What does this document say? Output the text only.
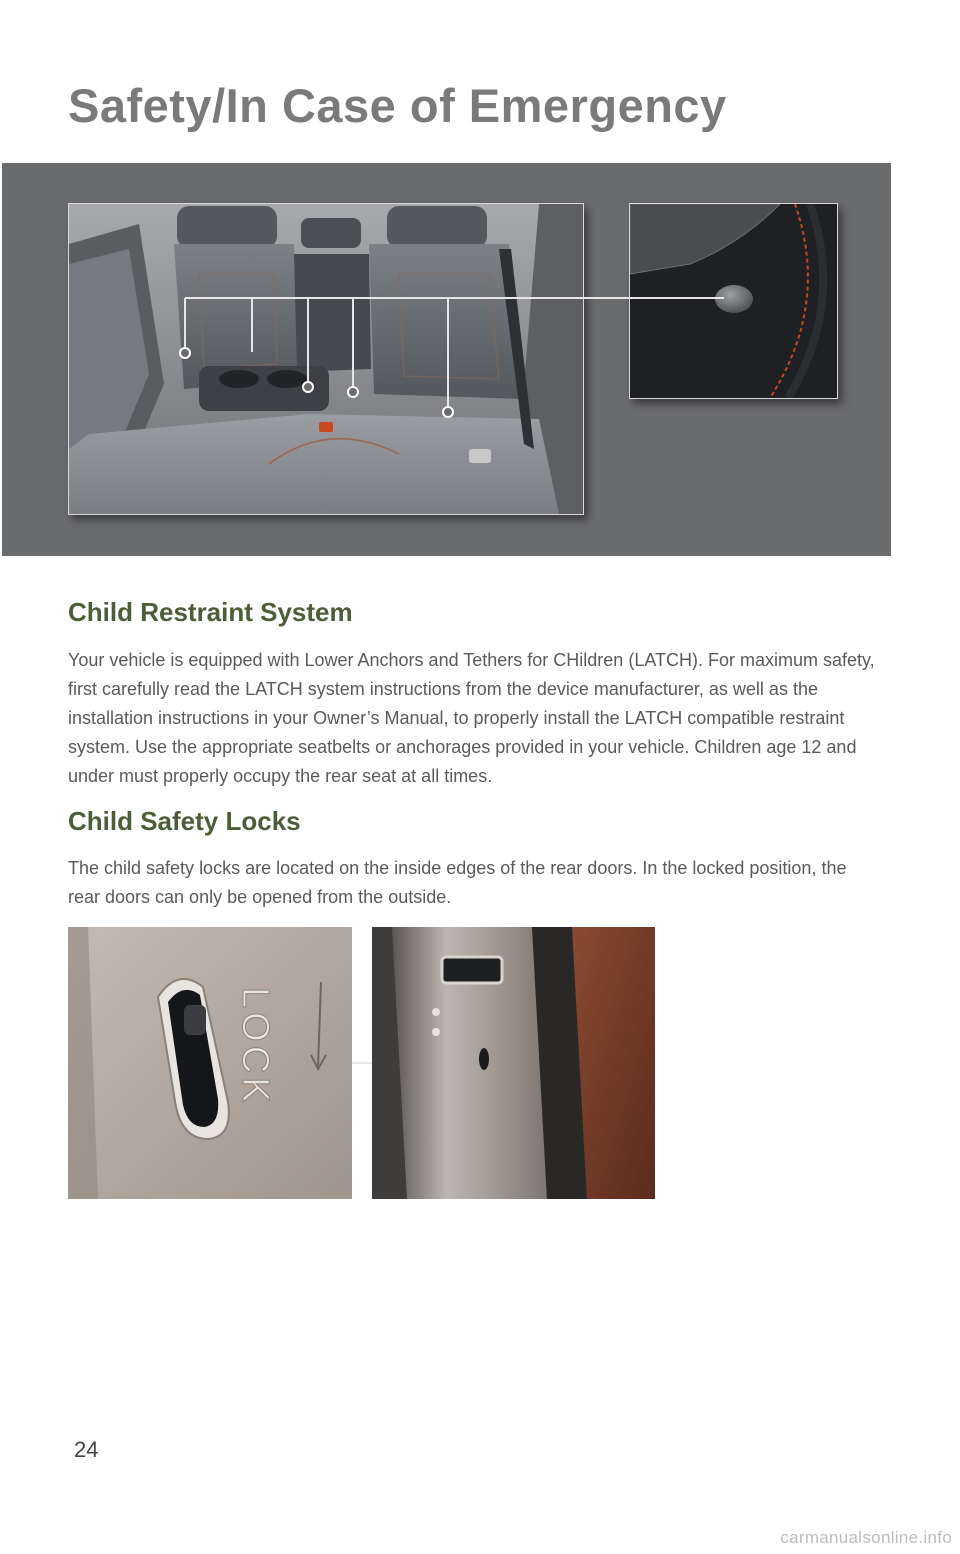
Safety/In Case of Emergency
Child Restraint System

Your vehicle is equipped with Lower Anchors and Tethers for CHildren (LATCH). For maximum safety, first carefully read the LATCH system instructions from the device manufacturer, as well as the installation instructions in your Owner’s Manual, to properly install the LATCH compatible restraint system. Use the appropriate seatbelts or anchorages provided in your vehicle. Children age 12 and under must properly occupy the rear seat at all times.

Child Safety Locks

The child safety locks are located on the inside edges of the rear doors. In the locked position, the rear doors can only be opened from the outside.

LOCK
24
carmanualsonline.info
